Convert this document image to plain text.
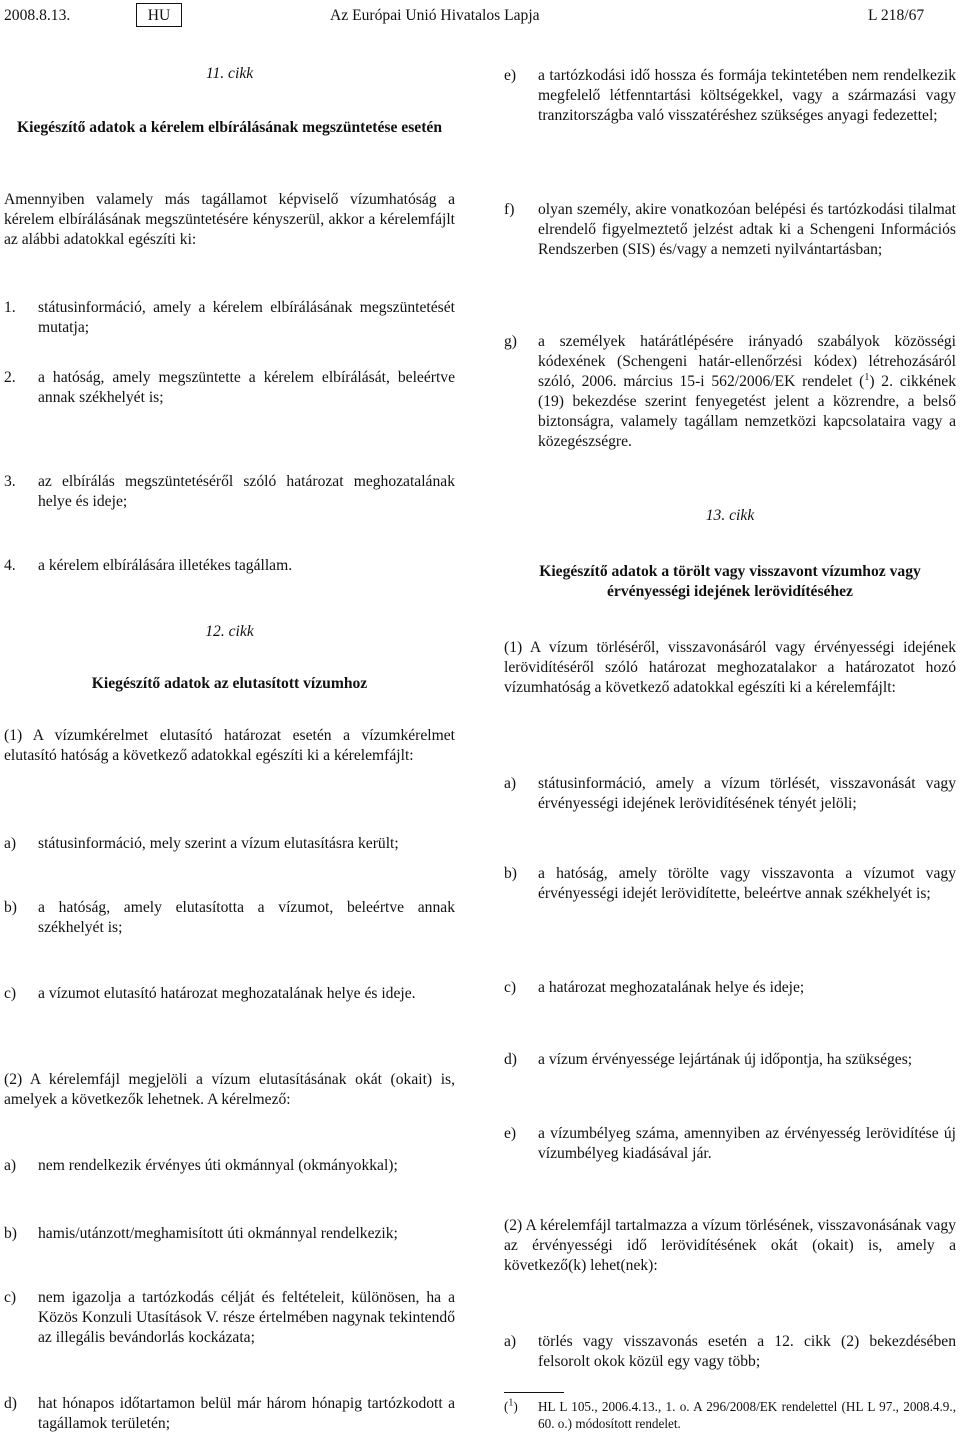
2008.8.13.	HU	Az Európai Unió Hivatalos Lapja	L 218/67
11. cikk
Kiegészítő adatok a kérelem elbírálásának megszüntetése esetén
Amennyiben valamely más tagállamot képviselő vízumhatóság a kérelem elbírálásának megszüntetésére kényszerül, akkor a kérelemfájlt az alábbi adatokkal egészíti ki:
1. státusinformáció, amely a kérelem elbírálásának megszüntetését mutatja;
2. a hatóság, amely megszüntette a kérelem elbírálását, beleértve annak székhelyét is;
3. az elbírálás megszüntetéséről szóló határozat meghozatalának helye és ideje;
4. a kérelem elbírálására illetékes tagállam.
12. cikk
Kiegészítő adatok az elutasított vízumhoz
(1) A vízumkérelmet elutasító határozat esetén a vízumkérelmet elutasító hatóság a következő adatokkal egészíti ki a kérelemfájlt:
a) státusinformáció, mely szerint a vízum elutasításra került;
b) a hatóság, amely elutasította a vízumot, beleértve annak székhelyét is;
c) a vízumot elutasító határozat meghozatalának helye és ideje.
(2) A kérelemfájl megjelöli a vízum elutasításának okát (okait) is, amelyek a következők lehetnek. A kérelmező:
a) nem rendelkezik érvényes úti okmánnyal (okmányokkal);
b) hamis/utánzott/meghamisított úti okmánnyal rendelkezik;
c) nem igazolja a tartózkodás célját és feltételeit, különösen, ha a Közös Konzuli Utasítások V. része értelmében nagynak tekintendő az illegális bevándorlás kockázata;
d) hat hónapos időtartamon belül már három hónapig tartózkodott a tagállamok területén;
e) a tartózkodási idő hossza és formája tekintetében nem rendelkezik megfelelő létfenntartási költségekkel, vagy a származási vagy tranzitországba való visszatéréshez szükséges anyagi fedezettel;
f) olyan személy, akire vonatkozóan belépési és tartózkodási tilalmat elrendelő figyelmeztető jelzést adtak ki a Schengeni Információs Rendszerben (SIS) és/vagy a nemzeti nyilvántartásban;
g) a személyek határátlépésére irányadó szabályok közösségi kódexének (Schengeni határ-ellenőrzési kódex) létrehozásáról szóló, 2006. március 15-i 562/2006/EK rendelet ($^1$) 2. cikkének (19) bekezdése szerint fenyegetést jelent a közrendre, a belső biztonságra, valamely tagállam nemzetközi kapcsolataira vagy a közegészségre.
13. cikk
Kiegészítő adatok a törölt vagy visszavont vízumhoz vagy érvényességi idejének lerövidítéséhez
(1) A vízum törléséről, visszavonásáról vagy érvényességi idejének lerövidítéséről szóló határozat meghozatalakor a határozatot hozó vízumhatóság a következő adatokkal egészíti ki a kérelemfájlt:
a) státusinformáció, amely a vízum törlését, visszavonását vagy érvényességi idejének lerövidítésének tényét jelöli;
b) a hatóság, amely törölte vagy visszavonta a vízumot vagy érvényességi idejét lerövidítette, beleértve annak székhelyét is;
c) a határozat meghozatalának helye és ideje;
d) a vízum érvényessége lejártának új időpontja, ha szükséges;
e) a vízumbélyeg száma, amennyiben az érvényesség lerövidítése új vízumbélyeg kiadásával jár.
(2) A kérelemfájl tartalmazza a vízum törlésének, visszavonásának vagy az érvényességi idő lerövidítésének okát (okait) is, amely a következő(k) lehet(nek):
a) törlés vagy visszavonás esetén a 12. cikk (2) bekezdésében felsorolt okok közül egy vagy több;
($^1$) HL L 105., 2006.4.13., 1. o. A 296/2008/EK rendelettel (HL L 97., 2008.4.9., 60. o.) módosított rendelet.
